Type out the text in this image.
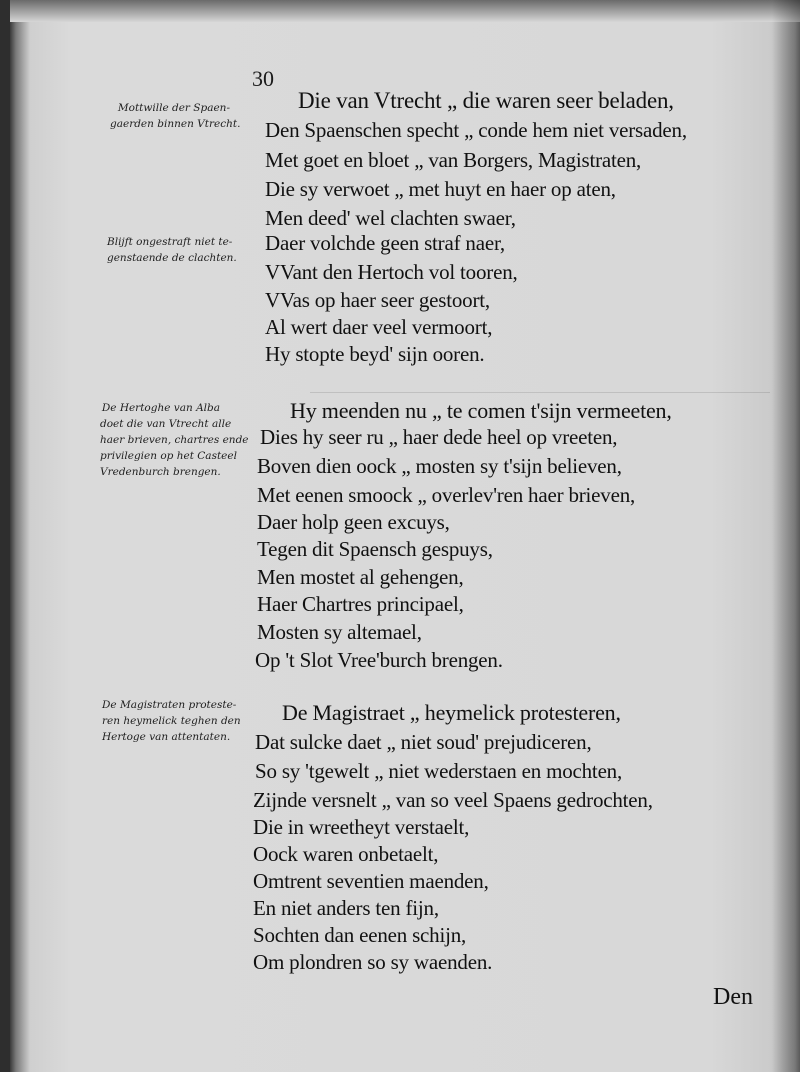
30
Mottwille der Spaen-
gaerden binnen Vtrecht.
Die van Vtrecht „ die waren seer beladen,
Den Spaenschen specht „ conde hem niet versaden,
Met goet en bloet „ van Borgers, Magistraten,
Die sy verwoet „ met huyt en haer op aten,
Men deed' wel clachten swaer,
Daer volchde geen straf naer,
VVant den Hertoch vol tooren,
VVas op haer seer gestoort,
Al wert daer veel vermoort,
Hy stopte beyd' sijn ooren.
Blijft ongestraft niet te-
genstaende de clachten.
De Hertoghe van Alba
doet die van Vtrecht alle
haer brieven, chartres ende
privilegien op het Casteel
Vredenburch brengen.
Hy meenden nu „ te comen t'sijn vermeeten,
Dies hy seer ru „ haer dede heel op vreeten,
Boven dien oock „ mosten sy t'sijn believen,
Met eenen smoock „ overlev'ren haer brieven,
Daer holp geen excuys,
Tegen dit Spaensch gespuys,
Men mostet al gehengen,
Haer Chartres principael,
Mosten sy altemael,
Op 't Slot Vree'burch brengen.
De Magistraten proteste-
ren heymelick teghen den
Hertoge van attentaten.
De Magistraet „ heymelick protesteren,
Dat sulcke daet „ niet soud' prejudiceren,
So sy 'tgewelt „ niet wederstaen en mochten,
Zijnde versnelt „ van so veel Spaens gedrochten,
Die in wreetheyt verstaelt,
Oock waren onbetaelt,
Omtrent seventien maenden,
En niet anders ten fijn,
Sochten dan eenen schijn,
Om plondren so sy waenden.
Den
